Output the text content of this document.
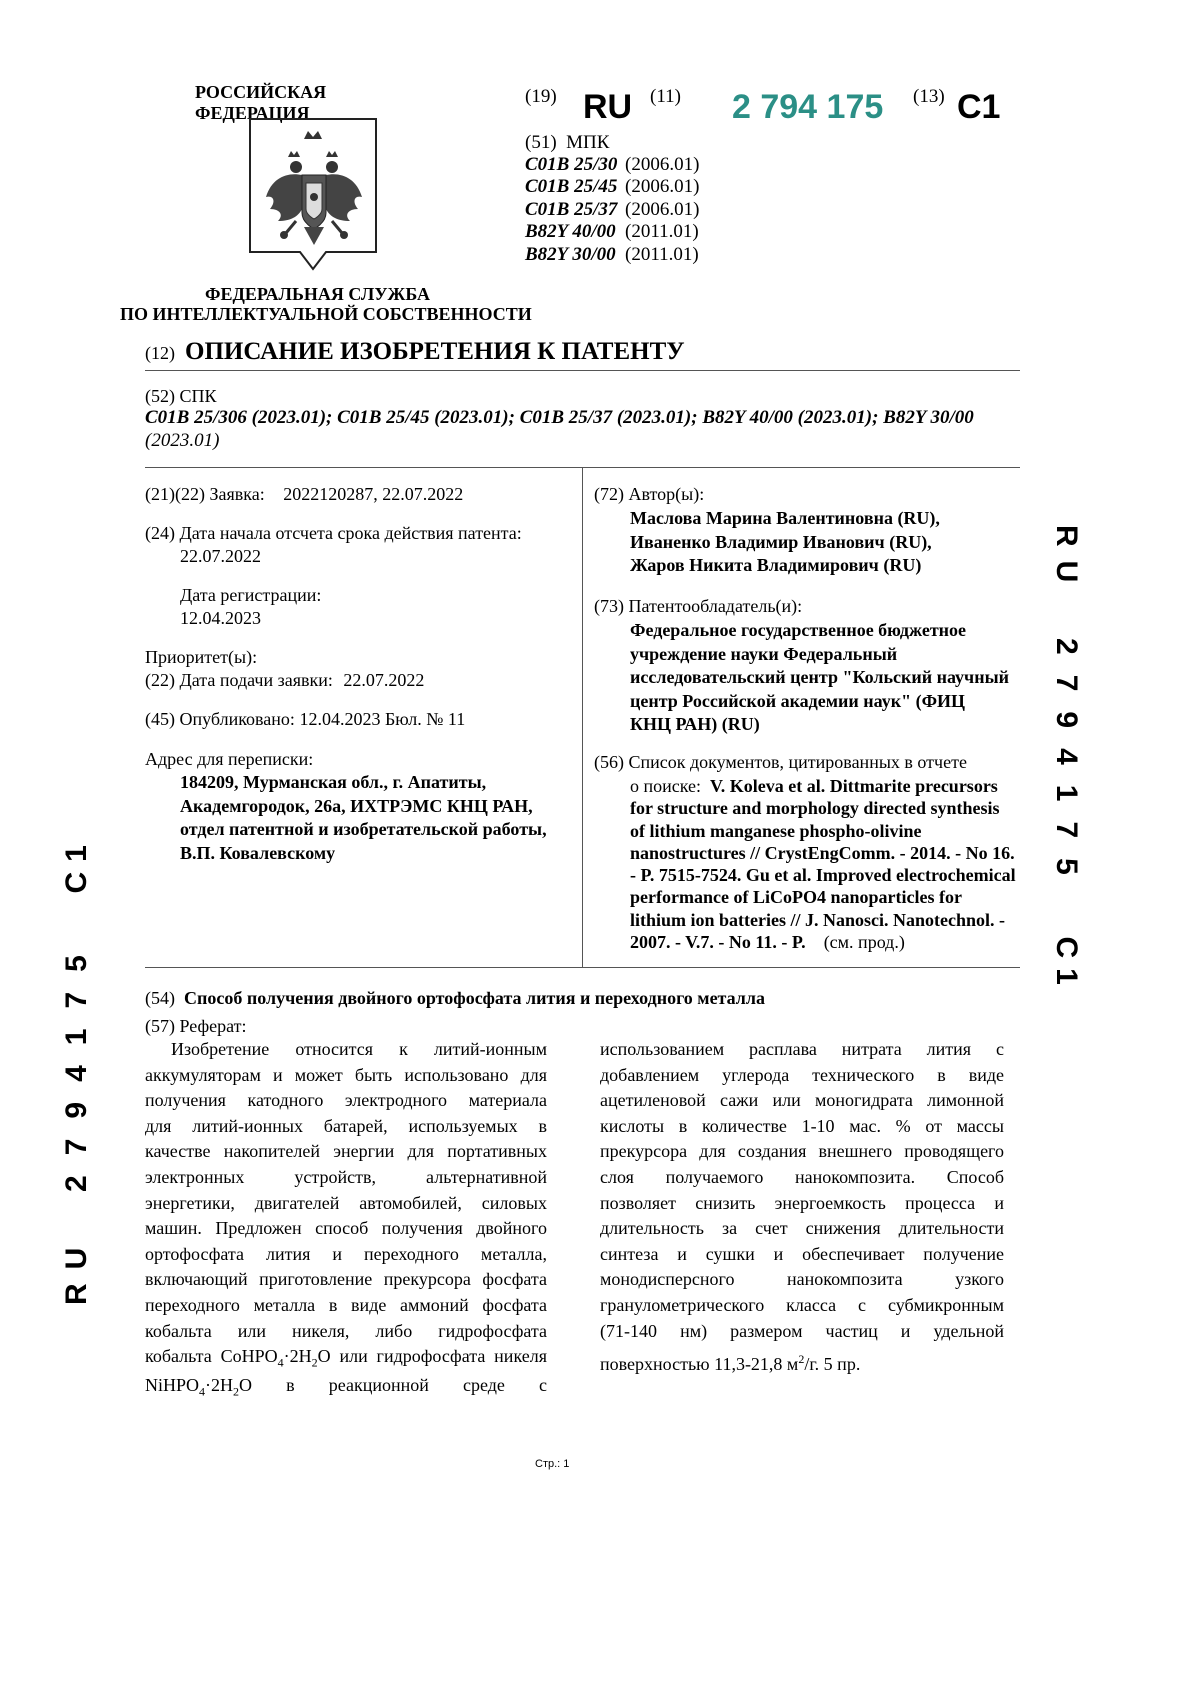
РОССИЙСКАЯ ФЕДЕРАЦИЯ
ФЕДЕРАЛЬНАЯ СЛУЖБА
ПО ИНТЕЛЛЕКТУАЛЬНОЙ СОБСТВЕННОСТИ
(19) RU (11) 2 794 175 (13) C1
(51) МПК
C01B 25/30 (2006.01)
C01B 25/45 (2006.01)
C01B 25/37 (2006.01)
B82Y 40/00 (2011.01)
B82Y 30/00 (2011.01)
(12) ОПИСАНИЕ ИЗОБРЕТЕНИЯ К ПАТЕНТУ
(52) СПК
C01B 25/306 (2023.01); C01B 25/45 (2023.01); C01B 25/37 (2023.01); B82Y 40/00 (2023.01); B82Y 30/00
(2023.01)
(21)(22) Заявка: 2022120287, 22.07.2022
(24) Дата начала отсчета срока действия патента:
22.07.2022
Дата регистрации:
12.04.2023
Приоритет(ы):
(22) Дата подачи заявки: 22.07.2022
(45) Опубликовано: 12.04.2023 Бюл. № 11
Адрес для переписки:
184209, Мурманская обл., г. Апатиты,
Академгородок, 26а, ИХТРЭМС КНЦ РАН,
отдел патентной и изобретательской работы,
В.П. Ковалевскому
(72) Автор(ы):
Маслова Марина Валентиновна (RU),
Иваненко Владимир Иванович (RU),
Жаров Никита Владимирович (RU)
(73) Патентообладатель(и):
Федеральное государственное бюджетное
учреждение науки Федеральный
исследовательский центр "Кольский научный
центр Российской академии наук" (ФИЦ
КНЦ РАН) (RU)
(56) Список документов, цитированных в отчете
о поиске: V. Koleva et al. Dittmarite precursors
for structure and morphology directed synthesis
of lithium manganese phospho-olivine
nanostructures // CrystEngComm. - 2014. - No 16.
- P. 7515-7524. Gu et al. Improved electrochemical
performance of LiCoPO4 nanoparticles for
lithium ion batteries // J. Nanosci. Nanotechnol. -
2007. - V.7. - No 11. - P. (см. прод.)
(54) Способ получения двойного ортофосфата лития и переходного металла
(57) Реферат:
Изобретение относится к литий-ионным
аккумуляторам и может быть использовано для
получения катодного электродного материала
для литий-ионных батарей, используемых в
качестве накопителей энергии для портативных
электронных устройств, альтернативной
энергетики, двигателей автомобилей, силовых
машин. Предложен способ получения двойного
ортофосфата лития и переходного металла,
включающий приготовление прекурсора фосфата
переходного металла в виде аммоний фосфата
кобальта или никеля, либо гидрофосфата
кобальта $CoHPO_4\cdot 2H_2O$ или гидрофосфата никеля
$NiHPO_4\cdot 2H_2O$   в   реакционной   среде   с
использованием расплава нитрата лития с
добавлением углерода технического в виде
ацетиленовой сажи или моногидрата лимонной
кислоты в количестве 1-10 мас. % от массы
прекурсора для создания внешнего проводящего
слоя получаемого нанокомпозита. Способ
позволяет снизить энергоемкость процесса и
длительность за счет снижения длительности
синтеза и сушки и обеспечивает получение
монодисперсного нанокомпозита узкого
гранулометрического класса с субмикронным
(71-140 нм) размером частиц и удельной
поверхностью 11,3-21,8 $м^2/г$. 5 пр.
RU     2794175     C1
RU     2794175     C1
Стр.: 1
